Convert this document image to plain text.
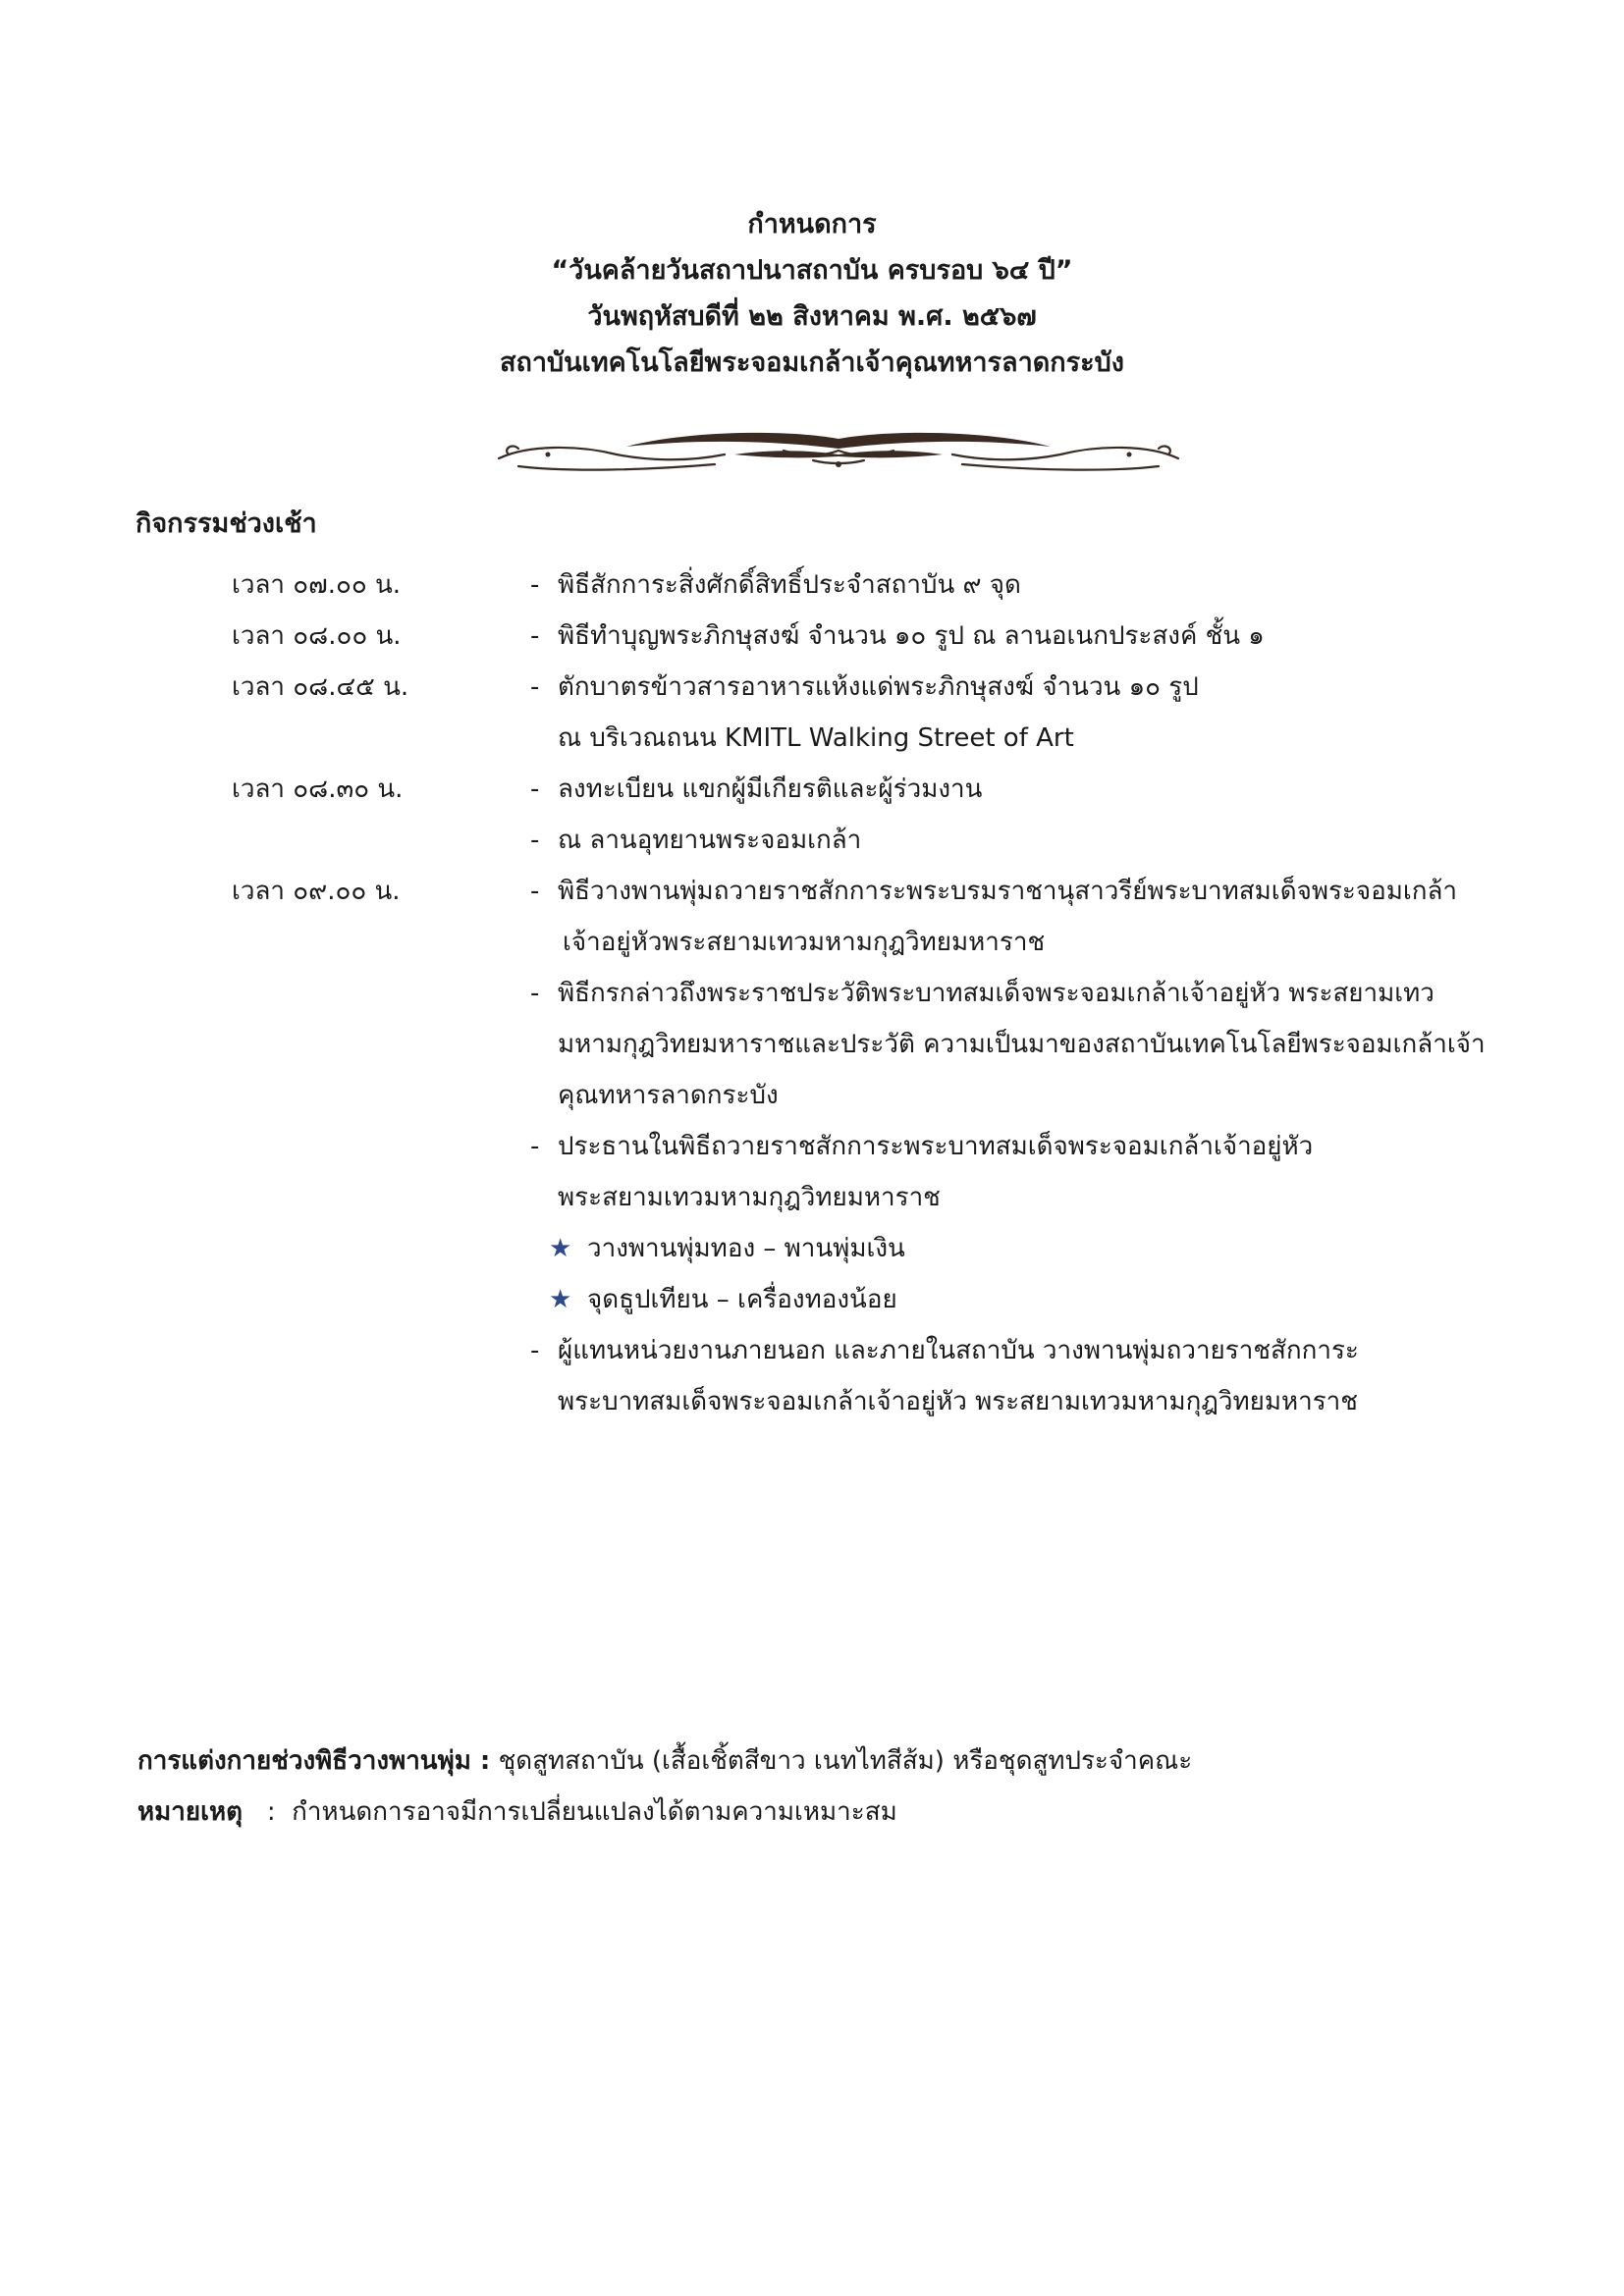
กำหนดการ
“วันคล้ายวันสถาปนาสถาบัน ครบรอบ ๖๔ ปี”
วันพฤหัสบดีที่ ๒๒ สิงหาคม พ.ศ. ๒๕๖๗
สถาบันเทคโนโลยีพระจอมเกล้าเจ้าคุณทหารลาดกระบัง
กิจกรรมช่วงเช้า
เวลา ๐๗.๐๐ น.	- พิธีสักการะสิ่งศักดิ์สิทธิ์ประจำสถาบัน ๙ จุด
เวลา ๐๘.๐๐ น.	- พิธีทำบุญพระภิกษุสงฆ์ จำนวน ๑๐ รูป ณ ลานอเนกประสงค์ ชั้น ๑
เวลา ๐๘.๔๕ น.	- ตักบาตรข้าวสารอาหารแห้งแด่พระภิกษุสงฆ์ จำนวน ๑๐ รูป
ณ บริเวณถนน KMITL Walking Street of Art
เวลา ๐๘.๓๐ น.	- ลงทะเบียน แขกผู้มีเกียรติและผู้ร่วมงาน
- ณ ลานอุทยานพระจอมเกล้า
เวลา ๐๙.๐๐ น.	- พิธีวางพานพุ่มถวายราชสักการะพระบรมราชานุสาวรีย์พระบาทสมเด็จพระจอมเกล้า
เจ้าอยู่หัวพระสยามเทวมหามกุฎวิทยมหาราช
- พิธีกรกล่าวถึงพระราชประวัติพระบาทสมเด็จพระจอมเกล้าเจ้าอยู่หัว พระสยามเทว
มหามกุฎวิทยมหาราชและประวัติ ความเป็นมาของสถาบันเทคโนโลยีพระจอมเกล้าเจ้า
คุณทหารลาดกระบัง
- ประธานในพิธีถวายราชสักการะพระบาทสมเด็จพระจอมเกล้าเจ้าอยู่หัว
พระสยามเทวมหามกุฎวิทยมหาราช
★ วางพานพุ่มทอง – พานพุ่มเงิน
★ จุดธูปเทียน – เครื่องทองน้อย
- ผู้แทนหน่วยงานภายนอก และภายในสถาบัน วางพานพุ่มถวายราชสักการะ
พระบาทสมเด็จพระจอมเกล้าเจ้าอยู่หัว พระสยามเทวมหามกุฎวิทยมหาราช
การแต่งกายช่วงพิธีวางพานพุ่ม : ชุดสูทสถาบัน (เสื้อเชิ้ตสีขาว เนทไทสีส้ม) หรือชุดสูทประจำคณะ
หมายเหตุ   :  กำหนดการอาจมีการเปลี่ยนแปลงได้ตามความเหมาะสม
